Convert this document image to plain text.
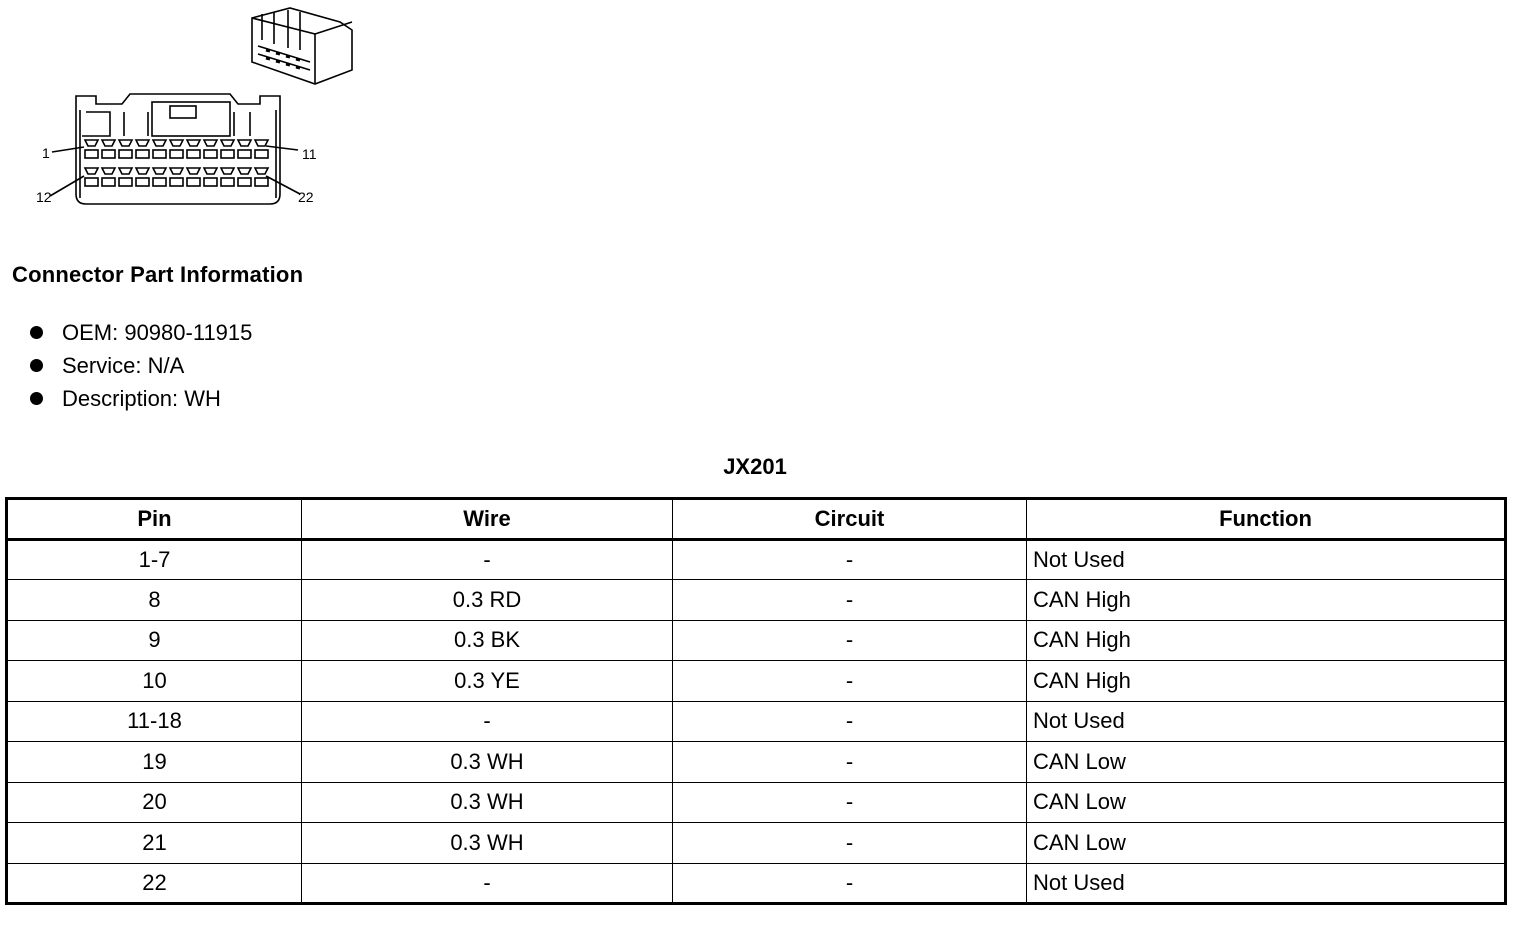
1	11
12	22
Connector Part Information
OEM: 90980-11915
Service: N/A
Description: WH
JX201
Pin	Wire	Circuit	Function
1-7	-	-	Not Used
8	0.3 RD	-	CAN High
9	0.3 BK	-	CAN High
10	0.3 YE	-	CAN High
11-18	-	-	Not Used
19	0.3 WH	-	CAN Low
20	0.3 WH	-	CAN Low
21	0.3 WH	-	CAN Low
22	-	-	Not Used
